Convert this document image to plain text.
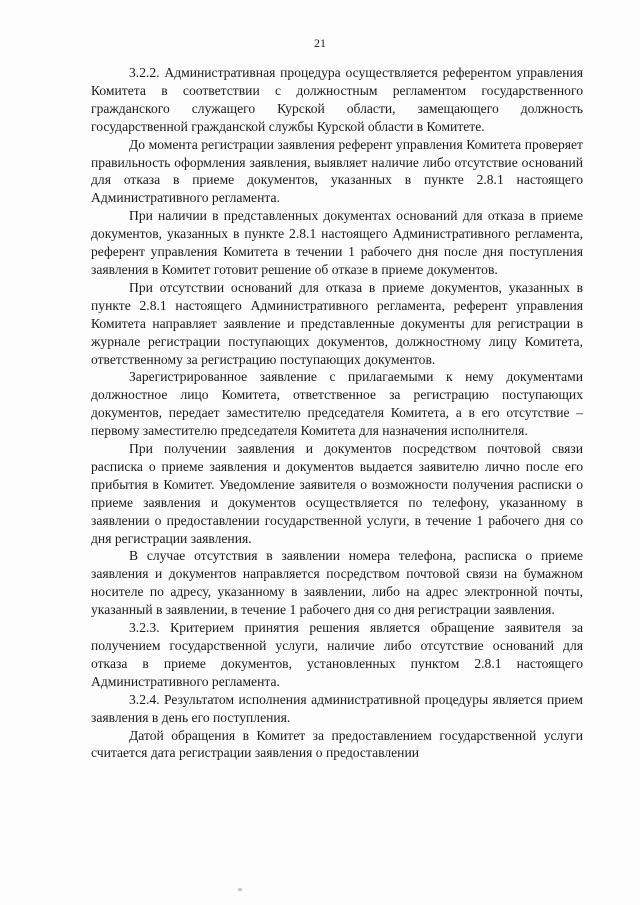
21

3.2.2. Административная процедура осуществляется референтом управления Комитета в соответствии с должностным регламентом государственного гражданского служащего Курской области, замещающего должность государственной гражданской службы Курской области в Комитете.

До момента регистрации заявления референт управления Комитета проверяет правильность оформления заявления, выявляет наличие либо отсутствие оснований для отказа в приеме документов, указанных в пункте 2.8.1 настоящего Административного регламента.

При наличии в представленных документах оснований для отказа в приеме документов, указанных в пункте 2.8.1 настоящего Административного регламента, референт управления Комитета в течении 1 рабочего дня после дня поступления заявления в Комитет готовит решение об отказе в приеме документов.

При отсутствии оснований для отказа в приеме документов, указанных в пункте 2.8.1 настоящего Административного регламента, референт управления Комитета направляет заявление и представленные документы для регистрации в журнале регистрации поступающих документов, должностному лицу Комитета, ответственному за регистрацию поступающих документов.

Зарегистрированное заявление с прилагаемыми к нему документами должностное лицо Комитета, ответственное за регистрацию поступающих документов, передает заместителю председателя Комитета, а в его отсутствие – первому заместителю председателя Комитета для назначения исполнителя.

При получении заявления и документов посредством почтовой связи расписка о приеме заявления и документов выдается заявителю лично после его прибытия в Комитет. Уведомление заявителя о возможности получения расписки о приеме заявления и документов осуществляется по телефону, указанному в заявлении о предоставлении государственной услуги, в течение 1 рабочего дня со дня регистрации заявления.

В случае отсутствия в заявлении номера телефона, расписка о приеме заявления и документов направляется посредством почтовой связи на бумажном носителе по адресу, указанному в заявлении, либо на адрес электронной почты, указанный в заявлении, в течение 1 рабочего дня со дня регистрации заявления.

3.2.3. Критерием принятия решения является обращение заявителя за получением государственной услуги, наличие либо отсутствие оснований для отказа в приеме документов, установленных пунктом 2.8.1 настоящего Административного регламента.

3.2.4. Результатом исполнения административной процедуры является прием заявления в день его поступления.

Датой обращения в Комитет за предоставлением государственной услуги считается дата регистрации заявления о предоставлении
